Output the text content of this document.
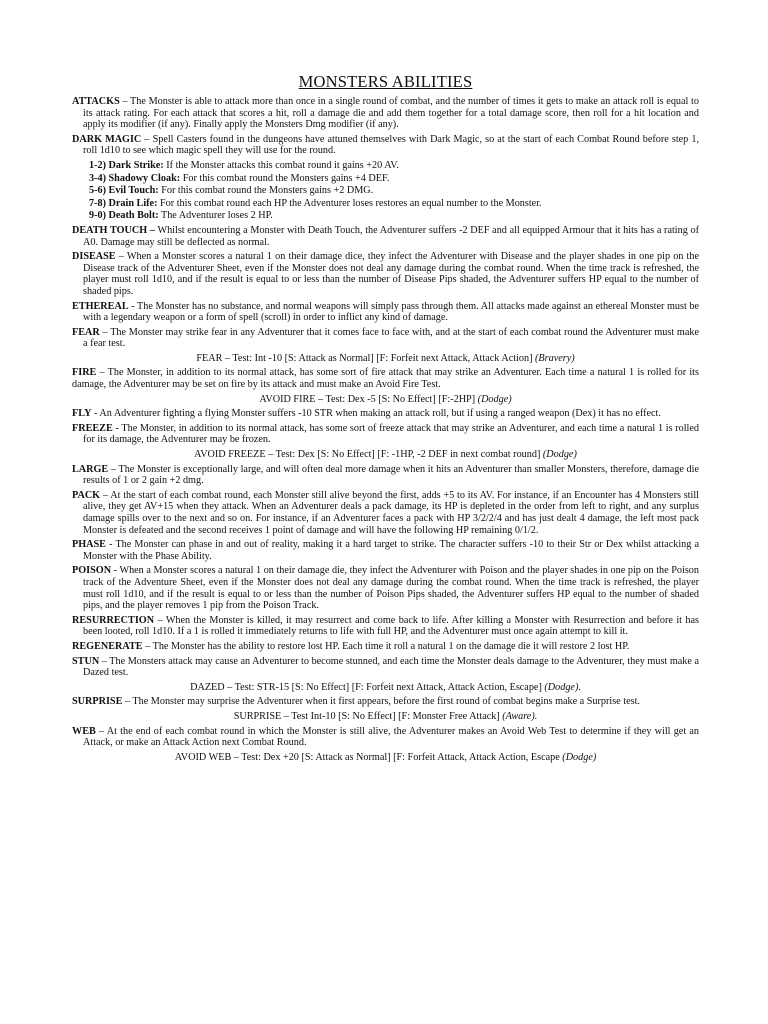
MONSTERS ABILITIES

ATTACKS – The Monster is able to attack more than once in a single round of combat, and the number of times it gets to make an attack roll is equal to its attack rating. For each attack that scores a hit, roll a damage die and add them together for a total damage score, then roll for a hit location and apply its modifier (if any). Finally apply the Monsters Dmg modifier (if any).

DARK MAGIC – Spell Casters found in the dungeons have attuned themselves with Dark Magic, so at the start of each Combat Round before step 1, roll 1d10 to see which magic spell they will use for the round.

1-2) Dark Strike: If the Monster attacks this combat round it gains +20 AV.
3-4) Shadowy Cloak: For this combat round the Monsters gains +4 DEF.
5-6) Evil Touch: For this combat round the Monsters gains +2 DMG.
7-8) Drain Life: For this combat round each HP the Adventurer loses restores an equal number to the Monster.
9-0) Death Bolt: The Adventurer loses 2 HP.

DEATH TOUCH – Whilst encountering a Monster with Death Touch, the Adventurer suffers -2 DEF and all equipped Armour that it hits has a rating of A0. Damage may still be deflected as normal.

DISEASE – When a Monster scores a natural 1 on their damage dice, they infect the Adventurer with Disease and the player shades in one pip on the Disease track of the Adventurer Sheet, even if the Monster does not deal any damage during the combat round. When the time track is refreshed, the player must roll 1d10, and if the result is equal to or less than the number of Disease Pips shaded, the Adventurer suffers HP equal to the number of shaded pips.

ETHEREAL - The Monster has no substance, and normal weapons will simply pass through them. All attacks made against an ethereal Monster must be with a legendary weapon or a form of spell (scroll) in order to inflict any kind of damage.

FEAR – The Monster may strike fear in any Adventurer that it comes face to face with, and at the start of each combat round the Adventurer must make a fear test.

FEAR – Test: Int -10 [S: Attack as Normal] [F: Forfeit next Attack, Attack Action] (Bravery)

FIRE – The Monster, in addition to its normal attack, has some sort of fire attack that may strike an Adventurer. Each time a natural 1 is rolled for its damage, the Adventurer may be set on fire by its attack and must make an Avoid Fire Test.

AVOID FIRE – Test: Dex -5 [S: No Effect] [F:-2HP] (Dodge)

FLY - An Adventurer fighting a flying Monster suffers -10 STR when making an attack roll, but if using a ranged weapon (Dex) it has no effect.

FREEZE - The Monster, in addition to its normal attack, has some sort of freeze attack that may strike an Adventurer, and each time a natural 1 is rolled for its damage, the Adventurer may be frozen.

AVOID FREEZE – Test: Dex [S: No Effect] [F: -1HP, -2 DEF in next combat round] (Dodge)

LARGE – The Monster is exceptionally large, and will often deal more damage when it hits an Adventurer than smaller Monsters, therefore, damage die results of 1 or 2 gain +2 dmg.

PACK – At the start of each combat round, each Monster still alive beyond the first, adds +5 to its AV. For instance, if an Encounter has 4 Monsters still alive, they get AV+15 when they attack. When an Adventurer deals a pack damage, its HP is depleted in the order from left to right, and any surplus damage spills over to the next and so on. For instance, if an Adventurer faces a pack with HP 3/2/2/4 and has just dealt 4 damage, the left most pack Monster is defeated and the second receives 1 point of damage and will have the following HP remaining 0/1/2.

PHASE - The Monster can phase in and out of reality, making it a hard target to strike. The character suffers -10 to their Str or Dex whilst attacking a Monster with the Phase Ability.

POISON - When a Monster scores a natural 1 on their damage die, they infect the Adventurer with Poison and the player shades in one pip on the Poison track of the Adventure Sheet, even if the Monster does not deal any damage during the combat round. When the time track is refreshed, the player must roll 1d10, and if the result is equal to or less than the number of Poison Pips shaded, the Adventurer suffers HP equal to the number of shaded pips, and the player removes 1 pip from the Poison Track.

RESURRECTION – When the Monster is killed, it may resurrect and come back to life. After killing a Monster with Resurrection and before it has been looted, roll 1d10. If a 1 is rolled it immediately returns to life with full HP, and the Adventurer must once again attempt to kill it.

REGENERATE – The Monster has the ability to restore lost HP. Each time it roll a natural 1 on the damage die it will restore 2 lost HP.

STUN – The Monsters attack may cause an Adventurer to become stunned, and each time the Monster deals damage to the Adventurer, they must make a Dazed test.

DAZED – Test: STR-15 [S: No Effect] [F: Forfeit next Attack, Attack Action, Escape] (Dodge).

SURPRISE – The Monster may surprise the Adventurer when it first appears, before the first round of combat begins make a Surprise test.

SURPRISE – Test Int-10 [S: No Effect] [F: Monster Free Attack] (Aware).

WEB – At the end of each combat round in which the Monster is still alive, the Adventurer makes an Avoid Web Test to determine if they will get an Attack, or make an Attack Action next Combat Round.

AVOID WEB – Test: Dex +20 [S: Attack as Normal] [F: Forfeit Attack, Attack Action, Escape (Dodge)
